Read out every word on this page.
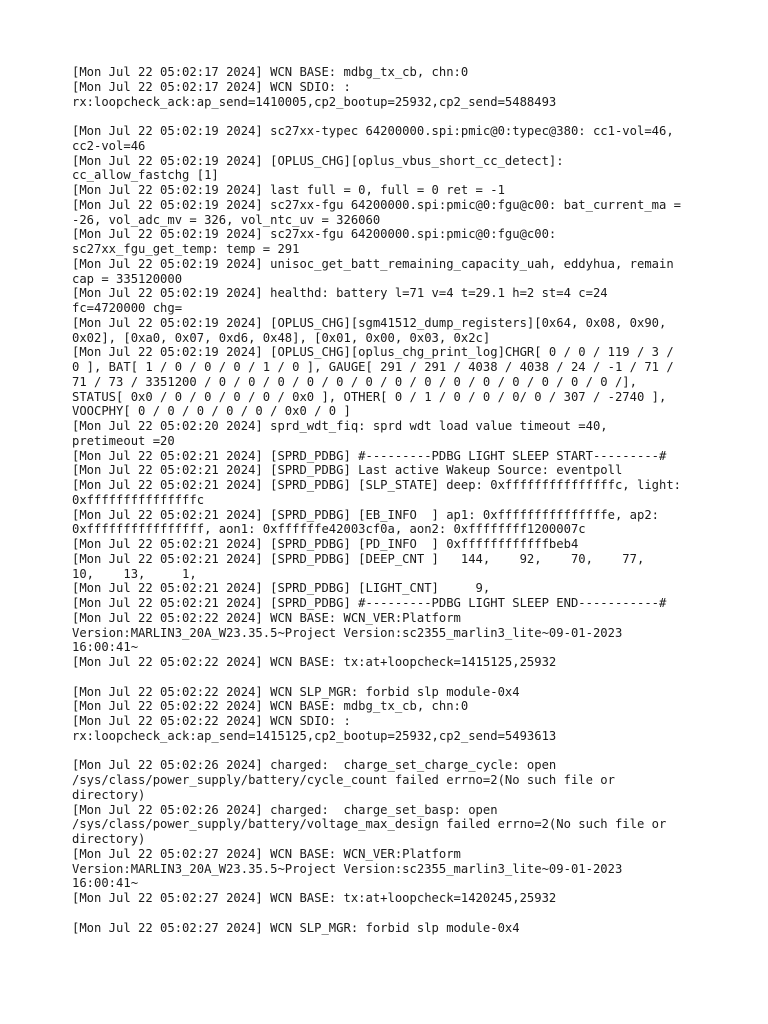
[Mon Jul 22 05:02:17 2024] WCN BASE: mdbg_tx_cb, chn:0
[Mon Jul 22 05:02:17 2024] WCN SDIO: :
rx:loopcheck_ack:ap_send=1410005,cp2_bootup=25932,cp2_send=5488493
[Mon Jul 22 05:02:19 2024] sc27xx-typec 64200000.spi:pmic@0:typec@380: cc1-vol=46,
cc2-vol=46
[Mon Jul 22 05:02:19 2024] [OPLUS_CHG][oplus_vbus_short_cc_detect]:
cc_allow_fastchg [1]
[Mon Jul 22 05:02:19 2024] last full = 0, full = 0 ret = -1
[Mon Jul 22 05:02:19 2024] sc27xx-fgu 64200000.spi:pmic@0:fgu@c00: bat_current_ma =
-26, vol_adc_mv = 326, vol_ntc_uv = 326060
[Mon Jul 22 05:02:19 2024] sc27xx-fgu 64200000.spi:pmic@0:fgu@c00:
sc27xx_fgu_get_temp: temp = 291
[Mon Jul 22 05:02:19 2024] unisoc_get_batt_remaining_capacity_uah, eddyhua, remain
cap = 335120000
[Mon Jul 22 05:02:19 2024] healthd: battery l=71 v=4 t=29.1 h=2 st=4 c=24
fc=4720000 chg=
[Mon Jul 22 05:02:19 2024] [OPLUS_CHG][sgm41512_dump_registers][0x64, 0x08, 0x90,
0x02], [0xa0, 0x07, 0xd6, 0x48], [0x01, 0x00, 0x03, 0x2c]
[Mon Jul 22 05:02:19 2024] [OPLUS_CHG][oplus_chg_print_log]CHGR[ 0 / 0 / 119 / 3 /
0 ], BAT[ 1 / 0 / 0 / 0 / 1 / 0 ], GAUGE[ 291 / 291 / 4038 / 4038 / 24 / -1 / 71 /
71 / 73 / 3351200 / 0 / 0 / 0 / 0 / 0 / 0 / 0 / 0 / 0 / 0 / 0 / 0 / 0 / 0 /],
STATUS[ 0x0 / 0 / 0 / 0 / 0 / 0x0 ], OTHER[ 0 / 1 / 0 / 0 / 0/ 0 / 307 / -2740 ],
VOOCPHY[ 0 / 0 / 0 / 0 / 0 / 0x0 / 0 ]
[Mon Jul 22 05:02:20 2024] sprd_wdt_fiq: sprd wdt load value timeout =40,
pretimeout =20
[Mon Jul 22 05:02:21 2024] [SPRD_PDBG] #---------PDBG LIGHT SLEEP START---------#
[Mon Jul 22 05:02:21 2024] [SPRD_PDBG] Last active Wakeup Source: eventpoll
[Mon Jul 22 05:02:21 2024] [SPRD_PDBG] [SLP_STATE] deep: 0xfffffffffffffffc, light:
0xfffffffffffffffc
[Mon Jul 22 05:02:21 2024] [SPRD_PDBG] [EB_INFO  ] ap1: 0xfffffffffffffffe, ap2:
0xffffffffffffffff, aon1: 0xffffffe42003cf0a, aon2: 0xffffffff1200007c
[Mon Jul 22 05:02:21 2024] [SPRD_PDBG] [PD_INFO  ] 0xffffffffffffbeb4
[Mon Jul 22 05:02:21 2024] [SPRD_PDBG] [DEEP_CNT ]   144,    92,    70,    77,
10,    13,     1,
[Mon Jul 22 05:02:21 2024] [SPRD_PDBG] [LIGHT_CNT]     9,
[Mon Jul 22 05:02:21 2024] [SPRD_PDBG] #---------PDBG LIGHT SLEEP END-----------#
[Mon Jul 22 05:02:22 2024] WCN BASE: WCN_VER:Platform
Version:MARLIN3_20A_W23.35.5~Project Version:sc2355_marlin3_lite~09-01-2023
16:00:41~
[Mon Jul 22 05:02:22 2024] WCN BASE: tx:at+loopcheck=1415125,25932
[Mon Jul 22 05:02:22 2024] WCN SLP_MGR: forbid slp module-0x4
[Mon Jul 22 05:02:22 2024] WCN BASE: mdbg_tx_cb, chn:0
[Mon Jul 22 05:02:22 2024] WCN SDIO: :
rx:loopcheck_ack:ap_send=1415125,cp2_bootup=25932,cp2_send=5493613
[Mon Jul 22 05:02:26 2024] charged:  charge_set_charge_cycle: open
/sys/class/power_supply/battery/cycle_count failed errno=2(No such file or
directory)
[Mon Jul 22 05:02:26 2024] charged:  charge_set_basp: open
/sys/class/power_supply/battery/voltage_max_design failed errno=2(No such file or
directory)
[Mon Jul 22 05:02:27 2024] WCN BASE: WCN_VER:Platform
Version:MARLIN3_20A_W23.35.5~Project Version:sc2355_marlin3_lite~09-01-2023
16:00:41~
[Mon Jul 22 05:02:27 2024] WCN BASE: tx:at+loopcheck=1420245,25932
[Mon Jul 22 05:02:27 2024] WCN SLP_MGR: forbid slp module-0x4
